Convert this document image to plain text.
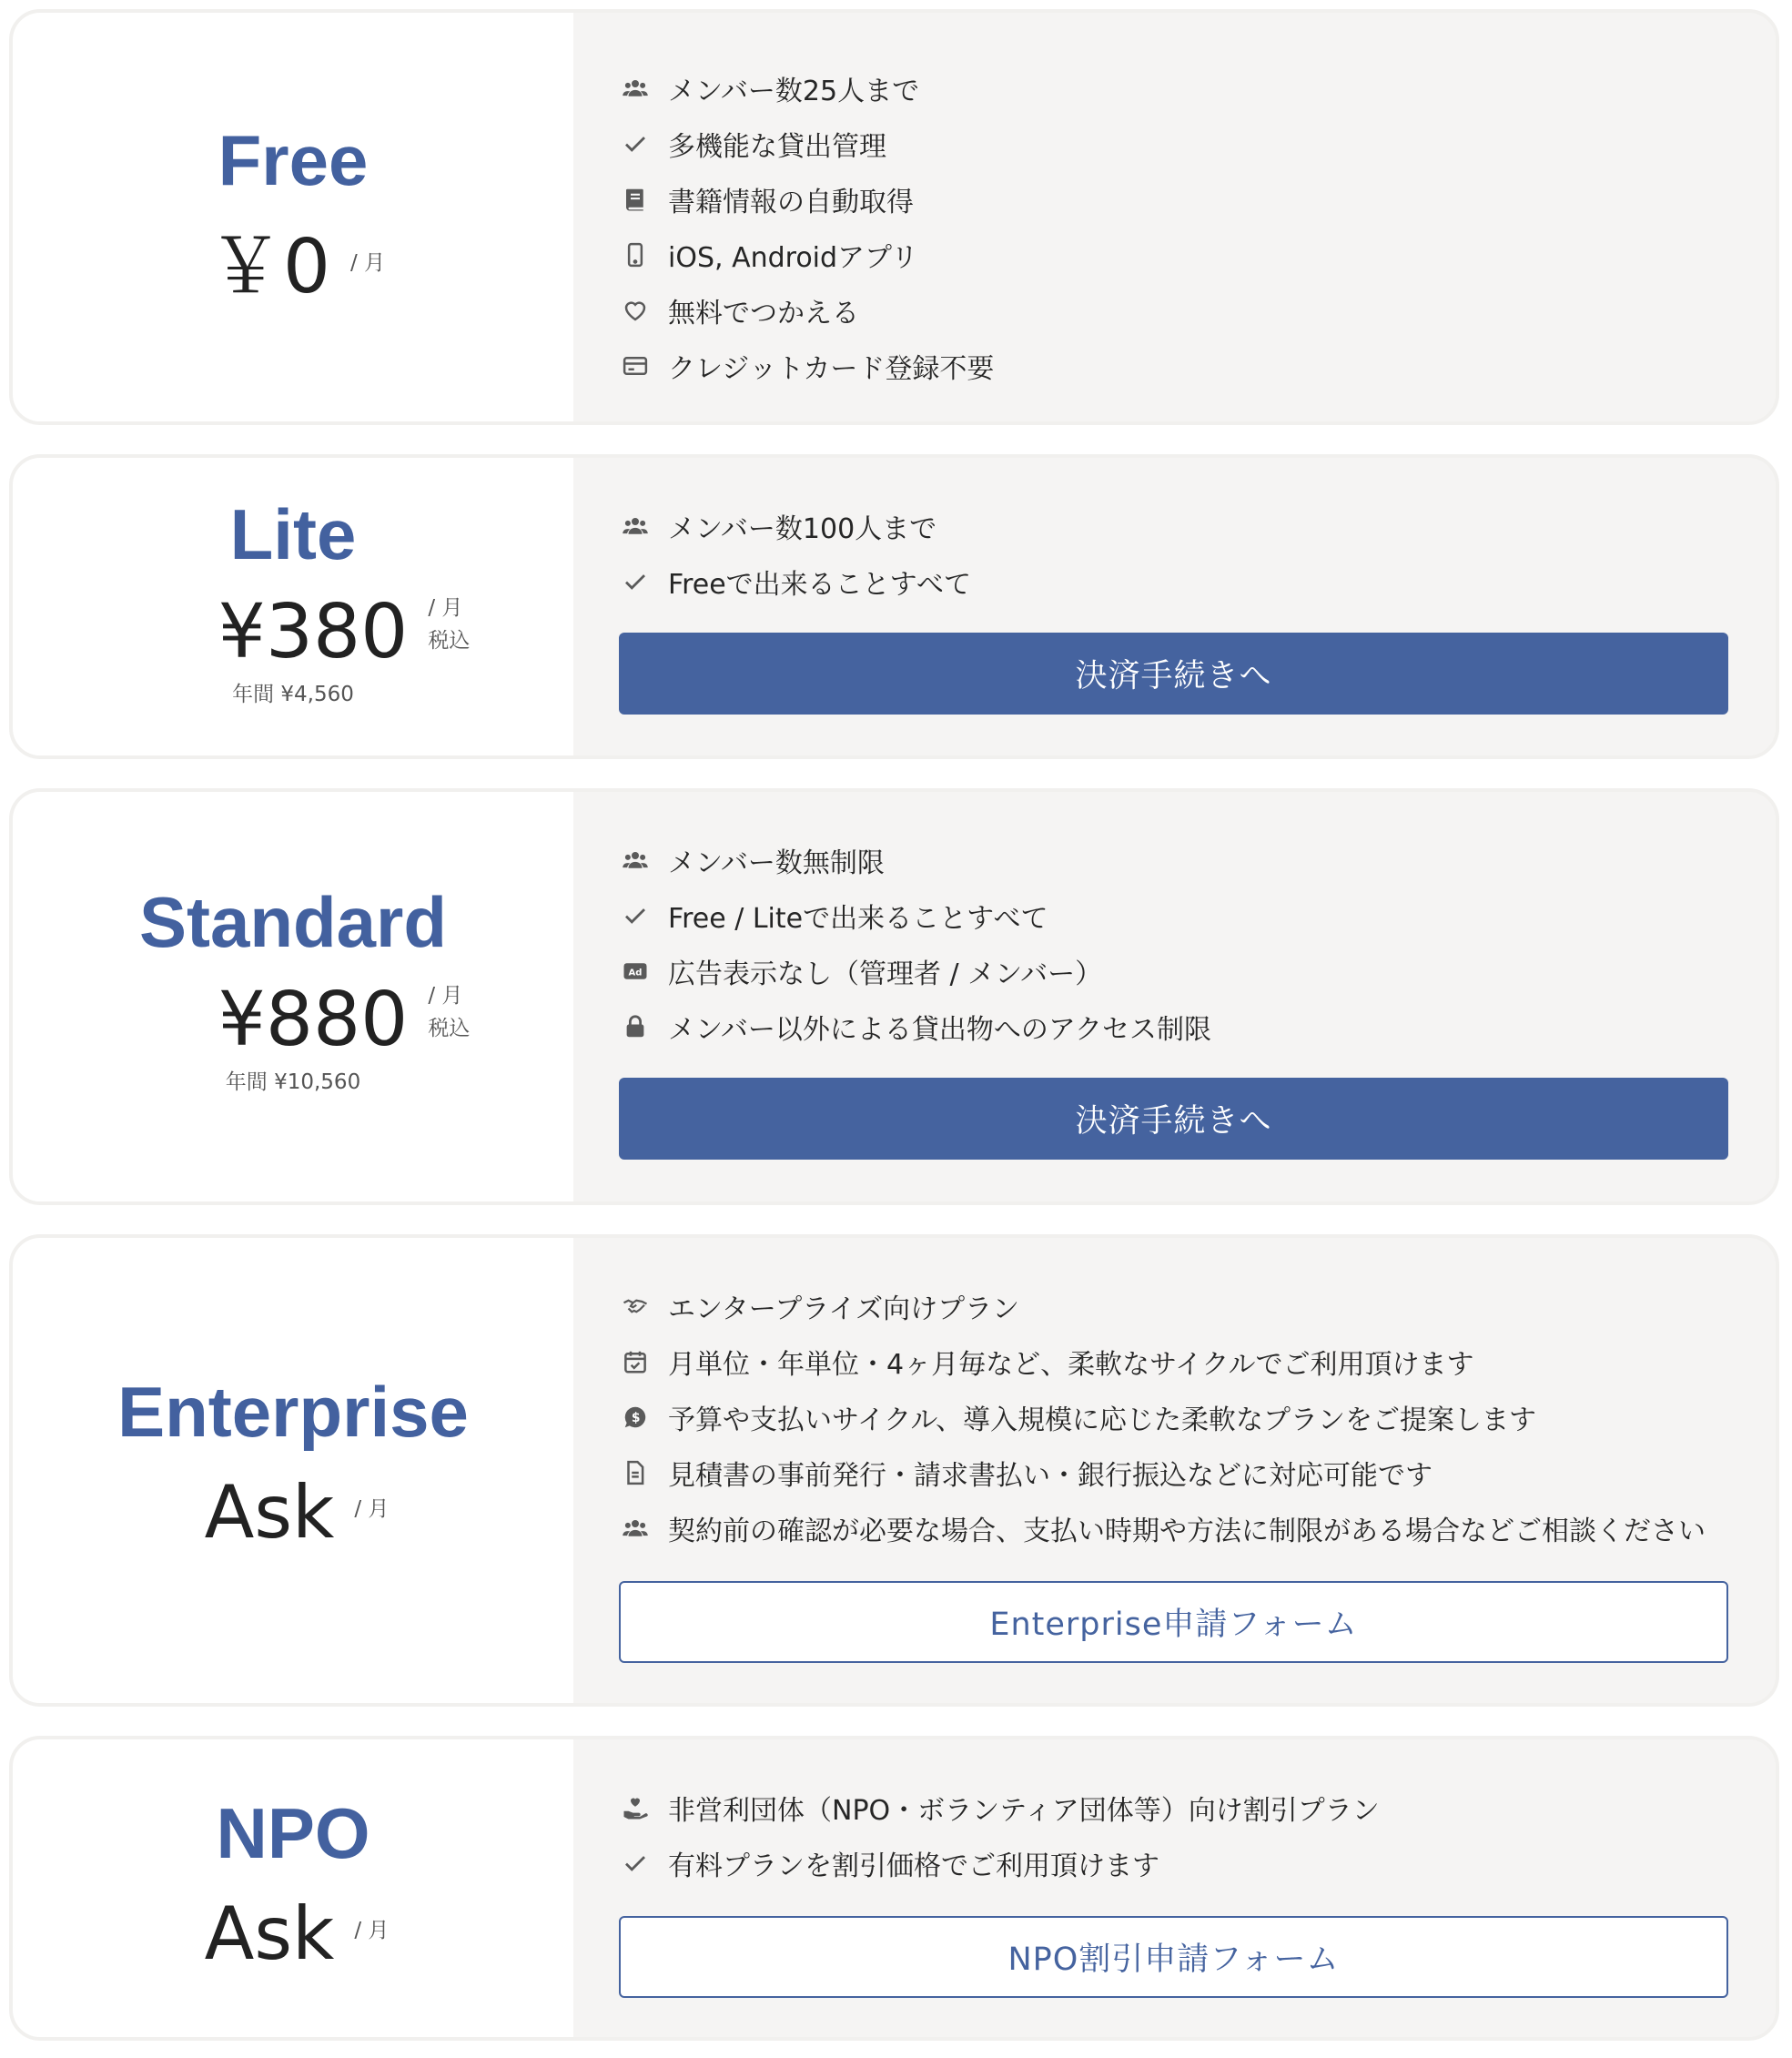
Free
￥0 / 月
メンバー数25人まで
多機能な貸出管理
書籍情報の自動取得
iOS, Androidアプリ
無料でつかえる
クレジットカード登録不要
Lite
¥380 / 月
税込
年間 ¥4,560
メンバー数100人まで
Freeで出来ることすべて
決済手続きへ
Standard
¥880 / 月
税込
年間 ¥10,560
メンバー数無制限
Free / Liteで出来ることすべて
Ad 広告表示なし（管理者 / メンバー）
メンバー以外による貸出物へのアクセス制限
決済手続きへ
Enterprise
Ask / 月
エンタープライズ向けプラン
月単位・年単位・4ヶ月毎など、柔軟なサイクルでご利用頂けます
$ 予算や支払いサイクル、導入規模に応じた柔軟なプランをご提案します
見積書の事前発行・請求書払い・銀行振込などに対応可能です
契約前の確認が必要な場合、支払い時期や方法に制限がある場合などご相談ください
Enterprise申請フォーム
NPO
Ask / 月
非営利団体（NPO・ボランティア団体等）向け割引プラン
有料プランを割引価格でご利用頂けます
NPO割引申請フォーム
